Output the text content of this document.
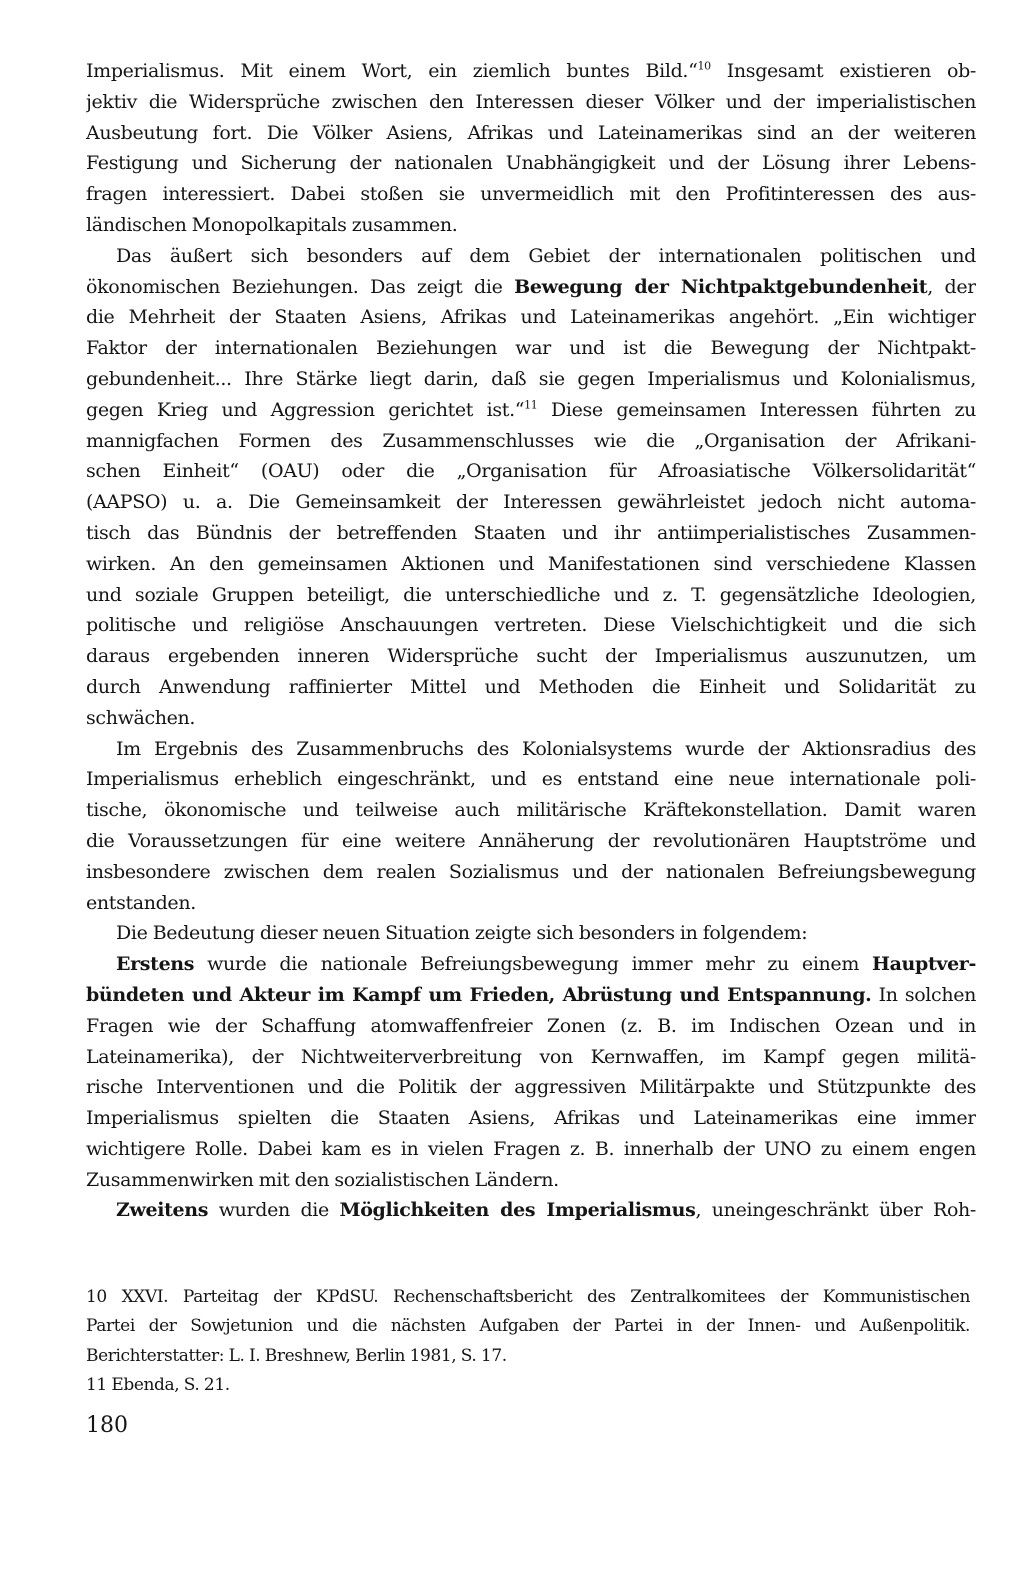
Imperialismus. Mit einem Wort, ein ziemlich buntes Bild.“$^{10}$ Insgesamt existieren ob-
jektiv die Widersprüche zwischen den Interessen dieser Völker und der imperialistischen
Ausbeutung fort. Die Völker Asiens, Afrikas und Lateinamerikas sind an der weiteren
Festigung und Sicherung der nationalen Unabhängigkeit und der Lösung ihrer Lebens-
fragen interessiert. Dabei stoßen sie unvermeidlich mit den Profitinteressen des aus-
ländischen Monopolkapitals zusammen.
Das äußert sich besonders auf dem Gebiet der internationalen politischen und
ökonomischen Beziehungen. Das zeigt die Bewegung der Nichtpaktgebundenheit, der
die Mehrheit der Staaten Asiens, Afrikas und Lateinamerikas angehört. „Ein wichtiger
Faktor der internationalen Beziehungen war und ist die Bewegung der Nichtpakt-
gebundenheit... Ihre Stärke liegt darin, daß sie gegen Imperialismus und Kolonialismus,
gegen Krieg und Aggression gerichtet ist.“$^{11}$ Diese gemeinsamen Interessen führten zu
mannigfachen Formen des Zusammenschlusses wie die „Organisation der Afrikani-
schen Einheit“ (OAU) oder die „Organisation für Afroasiatische Völkersolidarität“
(AAPSO) u. a. Die Gemeinsamkeit der Interessen gewährleistet jedoch nicht automa-
tisch das Bündnis der betreffenden Staaten und ihr antiimperialistisches Zusammen-
wirken. An den gemeinsamen Aktionen und Manifestationen sind verschiedene Klassen
und soziale Gruppen beteiligt, die unterschiedliche und z. T. gegensätzliche Ideologien,
politische und religiöse Anschauungen vertreten. Diese Vielschichtigkeit und die sich
daraus ergebenden inneren Widersprüche sucht der Imperialismus auszunutzen, um
durch Anwendung raffinierter Mittel und Methoden die Einheit und Solidarität zu
schwächen.
Im Ergebnis des Zusammenbruchs des Kolonialsystems wurde der Aktionsradius des
Imperialismus erheblich eingeschränkt, und es entstand eine neue internationale poli-
tische, ökonomische und teilweise auch militärische Kräftekonstellation. Damit waren
die Voraussetzungen für eine weitere Annäherung der revolutionären Hauptströme und
insbesondere zwischen dem realen Sozialismus und der nationalen Befreiungsbewegung
entstanden.
Die Bedeutung dieser neuen Situation zeigte sich besonders in folgendem:
Erstens wurde die nationale Befreiungsbewegung immer mehr zu einem Hauptver-
bündeten und Akteur im Kampf um Frieden, Abrüstung und Entspannung. In solchen
Fragen wie der Schaffung atomwaffenfreier Zonen (z. B. im Indischen Ozean und in
Lateinamerika), der Nichtweiterverbreitung von Kernwaffen, im Kampf gegen militä-
rische Interventionen und die Politik der aggressiven Militärpakte und Stützpunkte des
Imperialismus spielten die Staaten Asiens, Afrikas und Lateinamerikas eine immer
wichtigere Rolle. Dabei kam es in vielen Fragen z. B. innerhalb der UNO zu einem engen
Zusammenwirken mit den sozialistischen Ländern.
Zweitens wurden die Möglichkeiten des Imperialismus, uneingeschränkt über Roh-
10 XXVI. Parteitag der KPdSU. Rechenschaftsbericht des Zentralkomitees der Kommunistischen
Partei der Sowjetunion und die nächsten Aufgaben der Partei in der Innen- und Außenpolitik.
Berichterstatter: L. I. Breshnew, Berlin 1981, S. 17.
11 Ebenda, S. 21.
180
